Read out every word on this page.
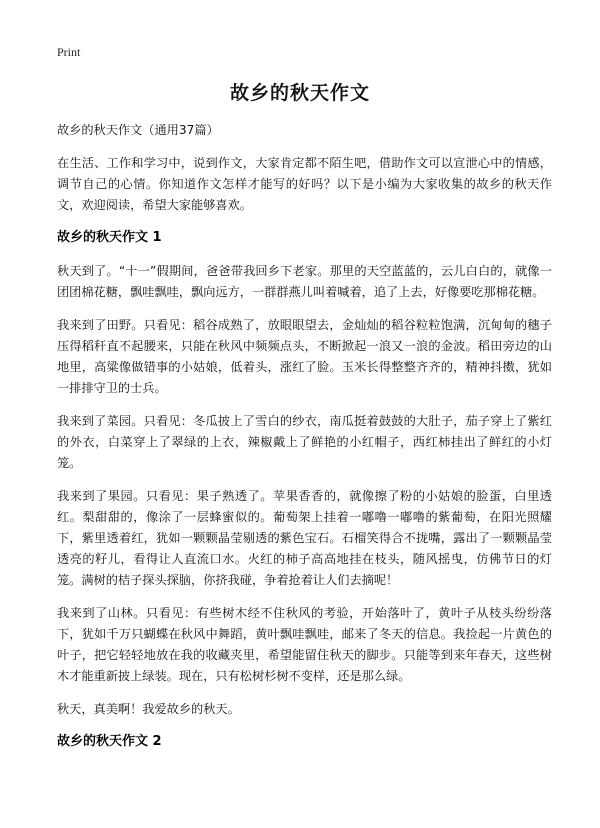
Print
故乡的秋天作文

故乡的秋天作文（通用37篇）

在生活、工作和学习中，说到作文，大家肯定都不陌生吧，借助作文可以宣泄心中的情感，调节自己的心情。你知道作文怎样才能写的好吗？以下是小编为大家收集的故乡的秋天作文，欢迎阅读，希望大家能够喜欢。

故乡的秋天作文 1

秋天到了。“十一”假期间，爸爸带我回乡下老家。那里的天空蓝蓝的，云儿白白的，就像一团团棉花糖，飘哇飘哇，飘向远方，一群群燕儿叫着喊着，追了上去，好像要吃那棉花糖。

我来到了田野。只看见：稻谷成熟了，放眼眼望去，金灿灿的稻谷粒粒饱满，沉甸甸的穗子压得稻秆直不起腰来，只能在秋风中频频点头，不断掀起一浪又一浪的金波。稻田旁边的山地里，高粱像做错事的小姑娘，低着头，涨红了脸。玉米长得整整齐齐的，精神抖擞，犹如一排排守卫的士兵。

我来到了菜园。只看见：冬瓜披上了雪白的纱衣，南瓜挺着鼓鼓的大肚子，茄子穿上了紫红的外衣，白菜穿上了翠绿的上衣，辣椒戴上了鲜艳的小红帽子，西红柿挂出了鲜红的小灯笼。

我来到了果园。只看见：果子熟透了。苹果香香的，就像擦了粉的小姑娘的脸蛋，白里透红。梨甜甜的，像涂了一层蜂蜜似的。葡萄架上挂着一嘟噜一嘟噜的紫葡萄，在阳光照耀下，紫里透着红，犹如一颗颗晶莹剔透的紫色宝石。石榴笑得合不拢嘴，露出了一颗颗晶莹透亮的籽儿，看得让人直流口水。火红的柿子高高地挂在枝头，随风摇曳，仿佛节日的灯笼。满树的桔子探头探脑，你挤我碰，争着抢着让人们去摘呢！

我来到了山林。只看见：有些树木经不住秋风的考验，开始落叶了，黄叶子从枝头纷纷落下，犹如千万只蝴蝶在秋风中舞蹈，黄叶飘哇飘哇，邮来了冬天的信息。我捡起一片黄色的叶子，把它轻轻地放在我的收藏夹里，希望能留住秋天的脚步。只能等到来年春天，这些树木才能重新披上绿装。现在，只有松树杉树不变样，还是那么绿。

秋天，真美啊！我爱故乡的秋天。

故乡的秋天作文 2
